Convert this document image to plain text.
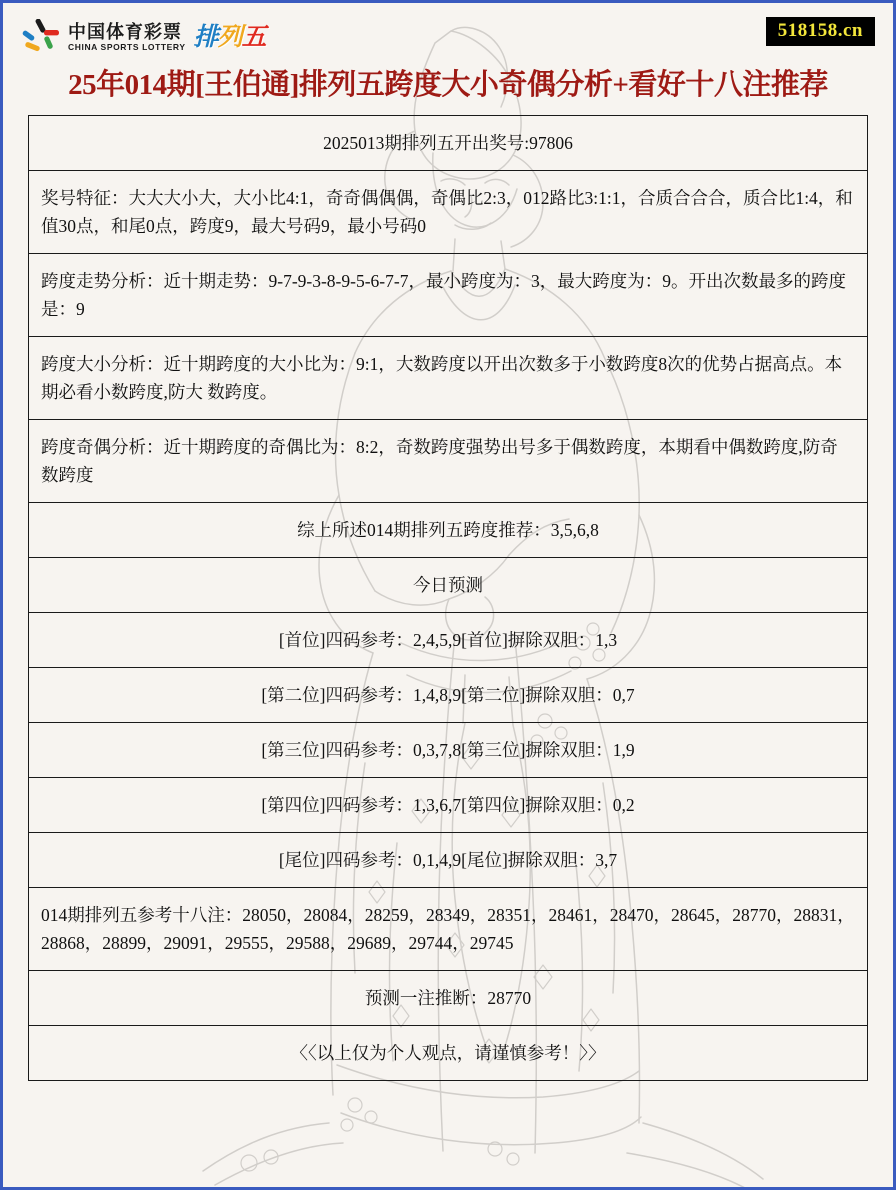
中国体育彩票
CHINA SPORTS LOTTERY 排列五	518158.cn
25年014期[王伯通]排列五跨度大小奇偶分析+看好十八注推荐
2025013期排列五开出奖号:97806
奖号特征：大大大小大，大小比4:1，奇奇偶偶偶，奇偶比2:3，012路比3:1:1，合质合合合，质合比1:4，和值30点，和尾0点，跨度9，最大号码9，最小号码0
跨度走势分析：近十期走势：9-7-9-3-8-9-5-6-7-7，最小跨度为：3，最大跨度为：9。开出次数最多的跨度是：9
跨度大小分析：近十期跨度的大小比为：9:1，大数跨度以开出次数多于小数跨度8次的优势占据高点。本期必看小数跨度,防大 数跨度。
跨度奇偶分析：近十期跨度的奇偶比为：8:2，奇数跨度强势出号多于偶数跨度，本期看中偶数跨度,防奇 数跨度
综上所述014期排列五跨度推荐：3,5,6,8
今日预测
[首位]四码参考：2,4,5,9[首位]摒除双胆：1,3
[第二位]四码参考：1,4,8,9[第二位]摒除双胆：0,7
[第三位]四码参考：0,3,7,8[第三位]摒除双胆：1,9
[第四位]四码参考：1,3,6,7[第四位]摒除双胆：0,2
[尾位]四码参考：0,1,4,9[尾位]摒除双胆：3,7
014期排列五参考十八注：28050，28084，28259，28349，28351，28461，28470，28645，28770，28831，28868，28899，29091，29555，29588，29689，29744，29745
预测一注推断：28770
〈〈以上仅为个人观点，请谨慎参考！〉〉
